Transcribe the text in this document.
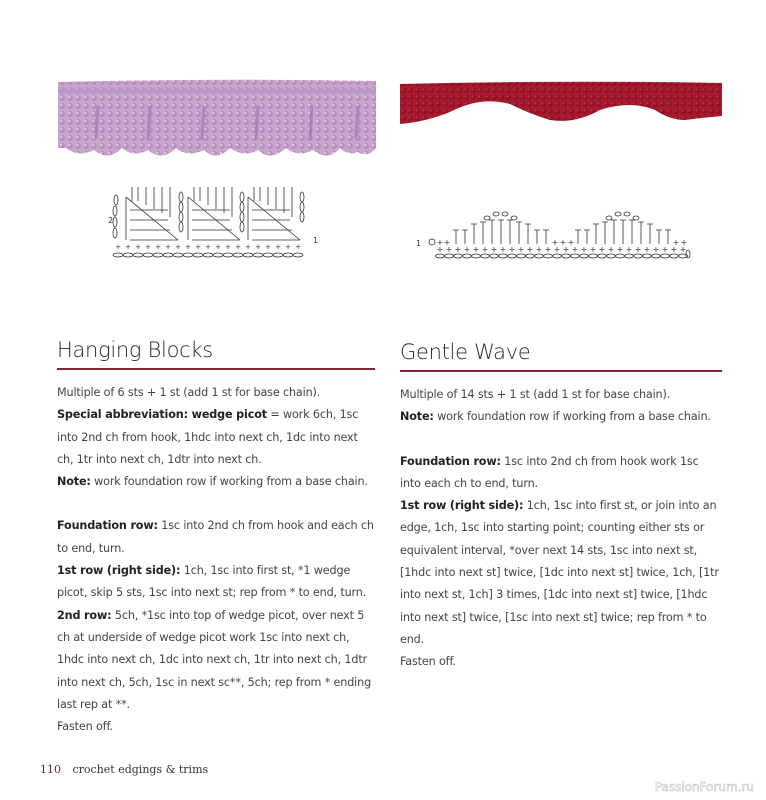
+ + + + + + + + + + + + + + + + + + +
2
1
+ + + + + + + + + + + + + + + + + + + + + + + + + + + +
+ +	+ + +	+ +
1
Hanging Blocks

Multiple of 6 sts + 1 st (add 1 st for base chain).

Special abbreviation: wedge picot = work 6ch, 1sc into 2nd ch from hook, 1hdc into next ch, 1dc into next ch, 1tr into next ch, 1dtr into next ch.

Note: work foundation row if working from a base chain.

Foundation row: 1sc into 2nd ch from hook and each ch to end, turn.

1st row (right side): 1ch, 1sc into first st, *1 wedge picot, skip 5 sts, 1sc into next st; rep from * to end, turn.

2nd row: 5ch, *1sc into top of wedge picot, over next 5 ch at underside of wedge picot work 1sc into next ch, 1hdc into next ch, 1dc into next ch, 1tr into next ch, 1dtr into next ch, 5ch, 1sc in next sc**, 5ch; rep from * ending last rep at **.

Fasten off.

Gentle Wave

Multiple of 14 sts + 1 st (add 1 st for base chain).

Note: work foundation row if working from a base chain.

Foundation row: 1sc into 2nd ch from hook work 1sc into each ch to end, turn.

1st row (right side): 1ch, 1sc into first st, or join into an edge, 1ch, 1sc into starting point; counting either sts or equivalent interval, *over next 14 sts, 1sc into next st, [1hdc into next st] twice, [1dc into next st] twice, 1ch, [1tr into next st, 1ch] 3 times, [1dc into next st] twice, [1hdc into next st] twice, [1sc into next st] twice; rep from * to end.

Fasten off.

110 crochet edgings & trims
PassionForum.ru
